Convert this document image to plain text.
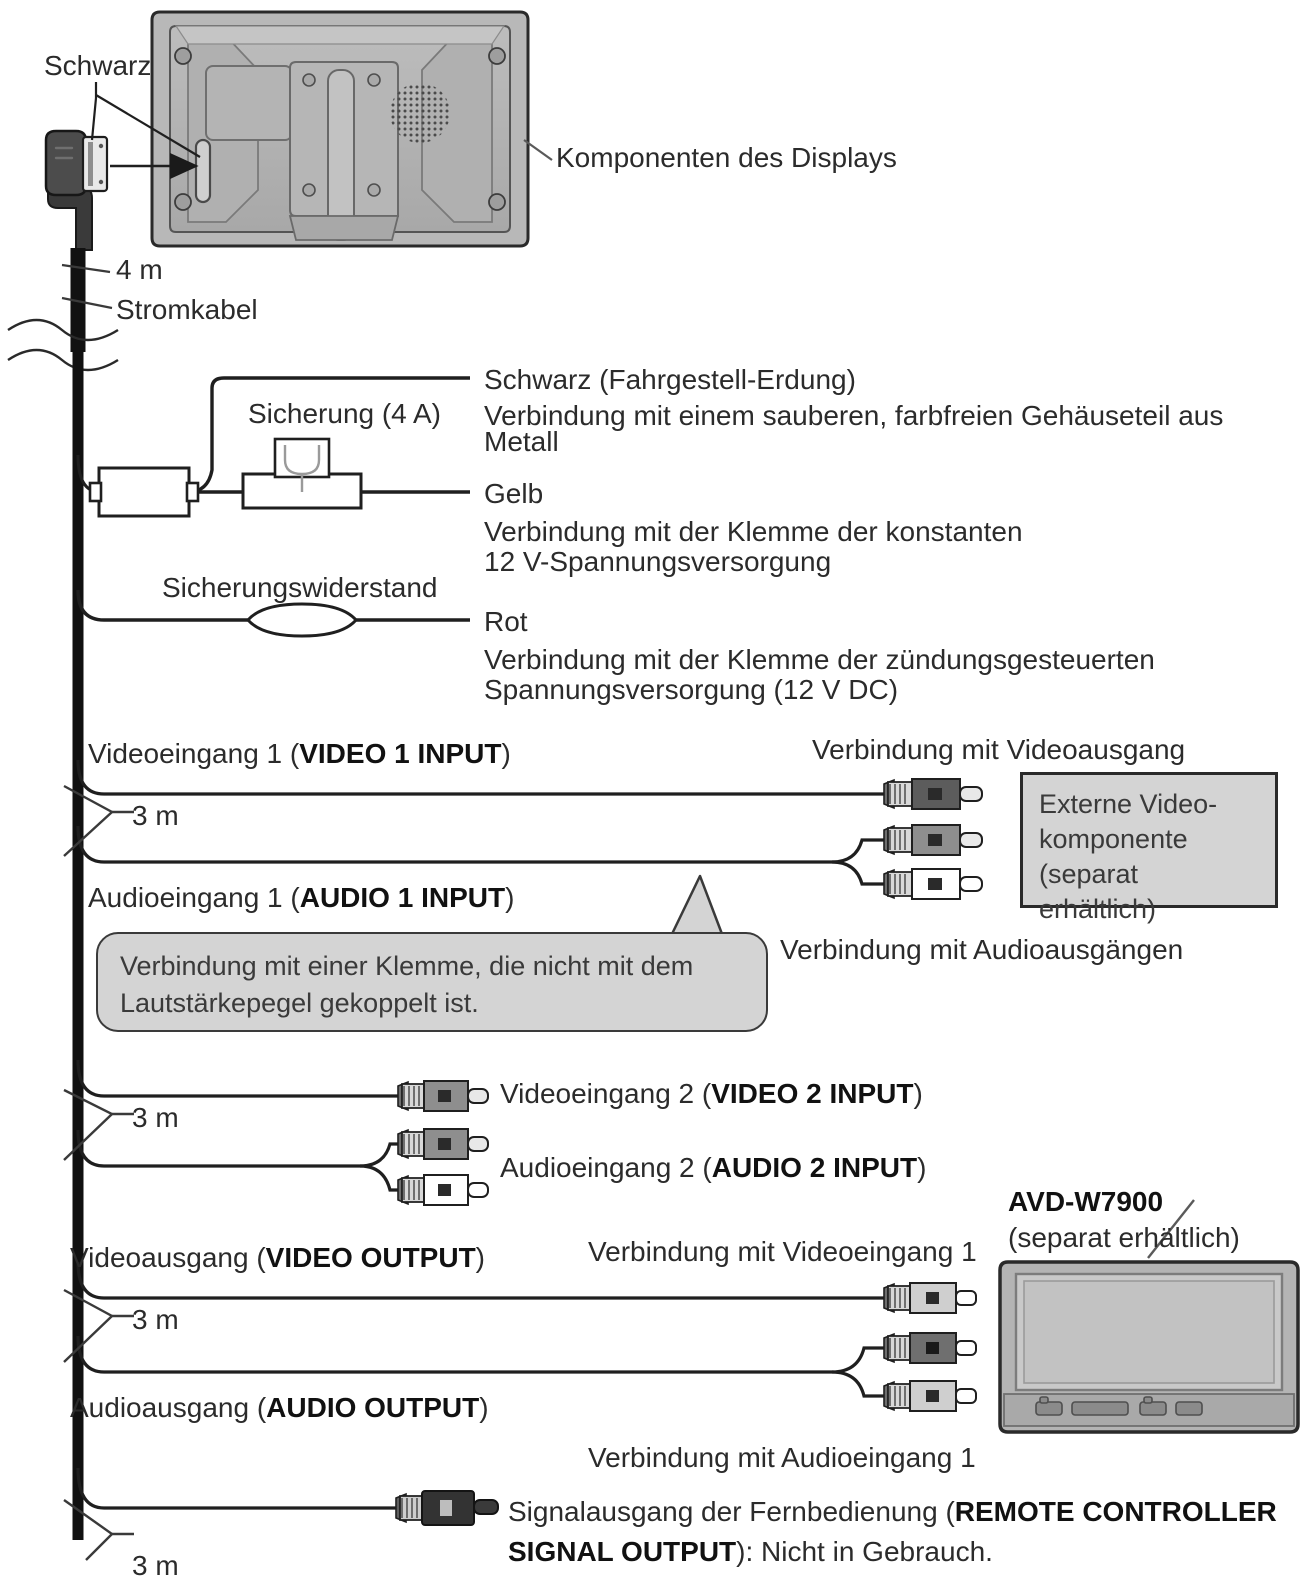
Schwarz
Komponenten des Displays
4 m
Stromkabel
Sicherung (4 A)
Sicherungswiderstand
Schwarz (Fahrgestell-Erdung)
Verbindung mit einem sauberen, farbfreien Gehäuseteil aus
Metall
Gelb
Verbindung mit der Klemme der konstanten
12 V-Spannungsversorgung
Rot
Verbindung mit der Klemme der zündungsgesteuerten
Spannungsversorgung (12 V DC)
Videoeingang 1 (VIDEO 1 INPUT)
3 m
Audioeingang 1 (AUDIO 1 INPUT)
Verbindung mit Videoausgang
Verbindung mit Audioausgängen
Externe Video-
komponente
(separat erhältlich)
Verbindung mit einer Klemme, die nicht mit dem
Lautstärkepegel gekoppelt ist.
Videoeingang 2 (VIDEO 2 INPUT)
3 m
Audioeingang 2 (AUDIO 2 INPUT)
AVD-W7900
(separat erhältlich)
Videoausgang (VIDEO OUTPUT)	Verbindung mit Videoeingang 1
3 m
Audioausgang (AUDIO OUTPUT)
Verbindung mit Audioeingang 1
3 m
Signalausgang der Fernbedienung (REMOTE CONTROLLER
SIGNAL OUTPUT): Nicht in Gebrauch.
